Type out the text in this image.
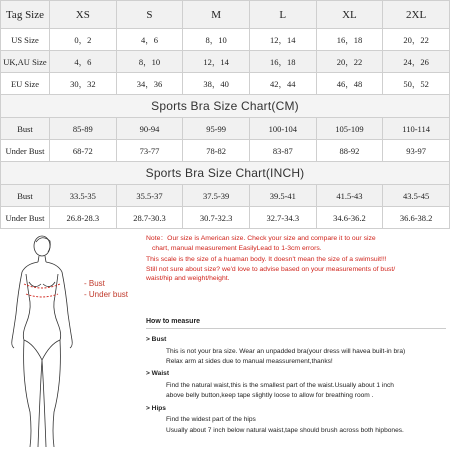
Tag Size	XS	S	M	L	XL	2XL
US Size	0，2	4，6	8，10	12，14	16，18	20，22
UK,AU Size	4，6	8，10	12，14	16，18	20，22	24，26
EU Size	30，32	34，36	38，40	42，44	46，48	50，52
Sports Bra Size Chart(CM)						
Bust	85-89	90-94	95-99	100-104	105-109	110-114
Under Bust	68-72	73-77	78-82	83-87	88-92	93-97
Sports Bra Size Chart(INCH)						
Bust	33.5-35	35.5-37	37.5-39	39.5-41	41.5-43	43.5-45
Under Bust	26.8-28.3	28.7-30.3	30.7-32.3	32.7-34.3	34.6-36.2	36.6-38.2
- Bust
- Under bust
Note：Our size is American size. Check your size and compare it to our size
chart, manual measurement EasilyLead to 1-3cm errors.
This scale is the size of a huaman body. It doesn't mean the size of a swimsuit!!!
Still not sure about size? we'd love to advise based on your measurements of bust/
waist/hip and weight/height.
How to measure
> Bust
This is not your bra size. Wear an unpadded bra(your dress will havea built-in bra)
Relax arm at sides due to manual meassurement,thanks!
> Waist
Find the natural waist,this is the smallest part of the waist.Usually about 1 inch
above belly button,keep tape slightly loose to allow for breathing room .
> Hips
Find the widest part of the hips
Usually about 7 inch below natural waist,tape should brush across both hipbones.
